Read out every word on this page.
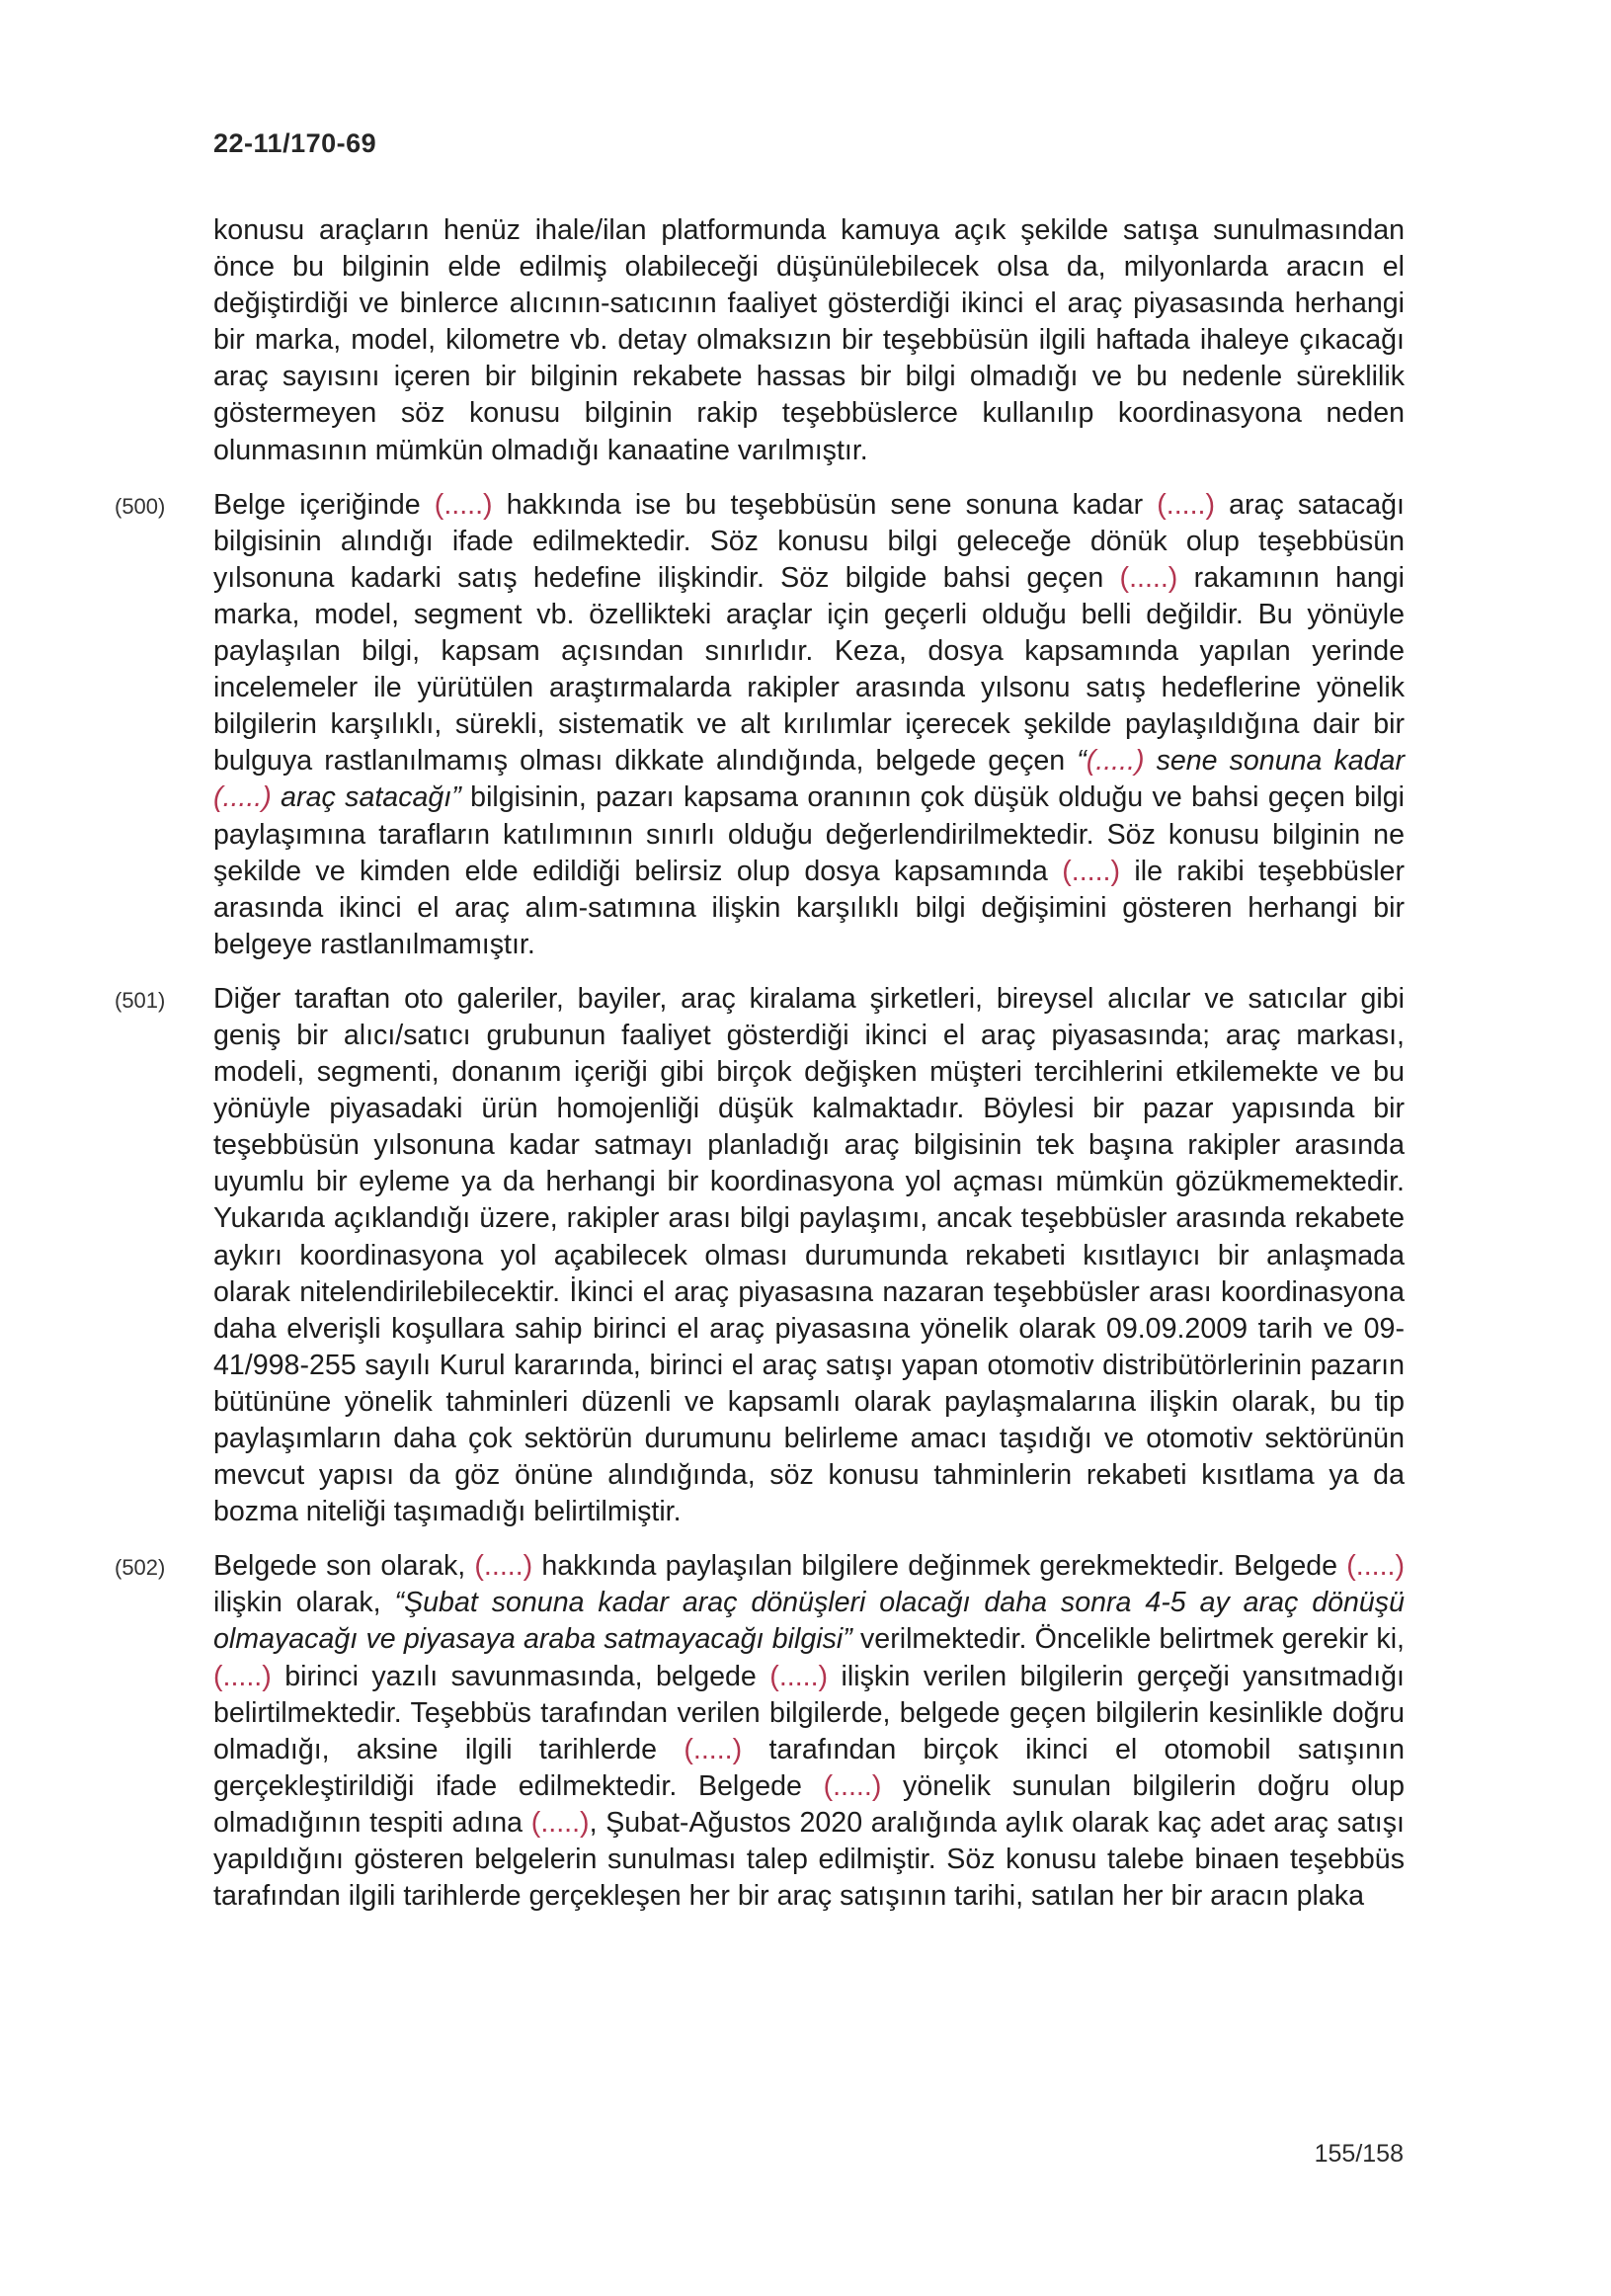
22-11/170-69
konusu araçların henüz ihale/ilan platformunda kamuya açık şekilde satışa sunulmasından önce bu bilginin elde edilmiş olabileceği düşünülebilecek olsa da, milyonlarda aracın el değiştirdiği ve binlerce alıcının-satıcının faaliyet gösterdiği ikinci el araç piyasasında herhangi bir marka, model, kilometre vb. detay olmaksızın bir teşebbüsün ilgili haftada ihaleye çıkacağı araç sayısını içeren bir bilginin rekabete hassas bir bilgi olmadığı ve bu nedenle süreklilik göstermeyen söz konusu bilginin rakip teşebbüslerce kullanılıp koordinasyona neden olunmasının mümkün olmadığı kanaatine varılmıştır.
(500) Belge içeriğinde (.....) hakkında ise bu teşebbüsün sene sonuna kadar (.....) araç satacağı bilgisinin alındığı ifade edilmektedir. Söz konusu bilgi geleceğe dönük olup teşebbüsün yılsonuna kadarki satış hedefine ilişkindir. Söz bilgide bahsi geçen (.....) rakamının hangi marka, model, segment vb. özellikteki araçlar için geçerli olduğu belli değildir. Bu yönüyle paylaşılan bilgi, kapsam açısından sınırlıdır. Keza, dosya kapsamında yapılan yerinde incelemeler ile yürütülen araştırmalarda rakipler arasında yılsonu satış hedeflerine yönelik bilgilerin karşılıklı, sürekli, sistematik ve alt kırılımlar içerecek şekilde paylaşıldığına dair bir bulguya rastlanılmamış olması dikkate alındığında, belgede geçen “(.....) sene sonuna kadar (.....) araç satacağı” bilgisinin, pazarı kapsama oranının çok düşük olduğu ve bahsi geçen bilgi paylaşımına tarafların katılımının sınırlı olduğu değerlendirilmektedir. Söz konusu bilginin ne şekilde ve kimden elde edildiği belirsiz olup dosya kapsamında (.....) ile rakibi teşebbüsler arasında ikinci el araç alım-satımına ilişkin karşılıklı bilgi değişimini gösteren herhangi bir belgeye rastlanılmamıştır.
(501) Diğer taraftan oto galeriler, bayiler, araç kiralama şirketleri, bireysel alıcılar ve satıcılar gibi geniş bir alıcı/satıcı grubunun faaliyet gösterdiği ikinci el araç piyasasında; araç markası, modeli, segmenti, donanım içeriği gibi birçok değişken müşteri tercihlerini etkilemekte ve bu yönüyle piyasadaki ürün homojenliği düşük kalmaktadır. Böylesi bir pazar yapısında bir teşebbüsün yılsonuna kadar satmayı planladığı araç bilgisinin tek başına rakipler arasında uyumlu bir eyleme ya da herhangi bir koordinasyona yol açması mümkün gözükmemektedir. Yukarıda açıklandığı üzere, rakipler arası bilgi paylaşımı, ancak teşebbüsler arasında rekabete aykırı koordinasyona yol açabilecek olması durumunda rekabeti kısıtlayıcı bir anlaşmada olarak nitelendirilebilecektir. İkinci el araç piyasasına nazaran teşebbüsler arası koordinasyona daha elverişli koşullara sahip birinci el araç piyasasına yönelik olarak 09.09.2009 tarih ve 09-41/998-255 sayılı Kurul kararında, birinci el araç satışı yapan otomotiv distribütörlerinin pazarın bütününe yönelik tahminleri düzenli ve kapsamlı olarak paylaşmalarına ilişkin olarak, bu tip paylaşımların daha çok sektörün durumunu belirleme amacı taşıdığı ve otomotiv sektörünün mevcut yapısı da göz önüne alındığında, söz konusu tahminlerin rekabeti kısıtlama ya da bozma niteliği taşımadığı belirtilmiştir.
(502) Belgede son olarak, (.....) hakkında paylaşılan bilgilere değinmek gerekmektedir. Belgede (.....) ilişkin olarak, “Şubat sonuna kadar araç dönüşleri olacağı daha sonra 4-5 ay araç dönüşü olmayacağı ve piyasaya araba satmayacağı bilgisi” verilmektedir. Öncelikle belirtmek gerekir ki, (.....) birinci yazılı savunmasında, belgede (.....) ilişkin verilen bilgilerin gerçeği yansıtmadığı belirtilmektedir. Teşebbüs tarafından verilen bilgilerde, belgede geçen bilgilerin kesinlikle doğru olmadığı, aksine ilgili tarihlerde (.....) tarafından birçok ikinci el otomobil satışının gerçekleştirildiği ifade edilmektedir. Belgede (.....) yönelik sunulan bilgilerin doğru olup olmadığının tespiti adına (.....), Şubat-Ağustos 2020 aralığında aylık olarak kaç adet araç satışı yapıldığını gösteren belgelerin sunulması talep edilmiştir. Söz konusu talebe binaen teşebbüs tarafından ilgili tarihlerde gerçekleşen her bir araç satışının tarihi, satılan her bir aracın plaka
155/158
